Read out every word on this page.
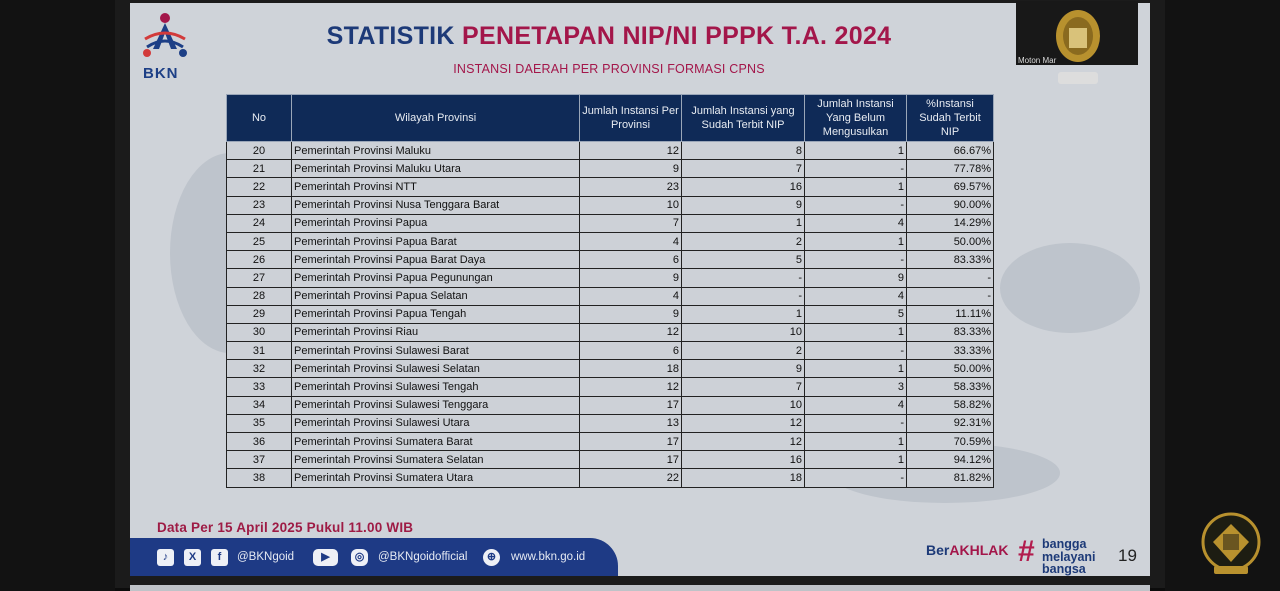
BKN
STATISTIK PENETAPAN NIP/NI PPPK T.A. 2024
INSTANSI DAERAH PER PROVINSI FORMASI CPNS
No	Wilayah Provinsi	Jumlah Instansi Per Provinsi	Jumlah Instansi yang Sudah Terbit NIP	Jumlah Instansi Yang Belum Mengusulkan	%Instansi Sudah Terbit NIP
20	Pemerintah Provinsi Maluku	12	8	1	66.67%
21	Pemerintah Provinsi Maluku Utara	9	7	-	77.78%
22	Pemerintah Provinsi NTT	23	16	1	69.57%
23	Pemerintah Provinsi Nusa Tenggara Barat	10	9	-	90.00%
24	Pemerintah Provinsi Papua	7	1	4	14.29%
25	Pemerintah Provinsi Papua Barat	4	2	1	50.00%
26	Pemerintah Provinsi Papua Barat Daya	6	5	-	83.33%
27	Pemerintah Provinsi Papua Pegunungan	9	-	9	-
28	Pemerintah Provinsi Papua Selatan	4	-	4	-
29	Pemerintah Provinsi Papua Tengah	9	1	5	11.11%
30	Pemerintah Provinsi Riau	12	10	1	83.33%
31	Pemerintah Provinsi Sulawesi Barat	6	2	-	33.33%
32	Pemerintah Provinsi Sulawesi Selatan	18	9	1	50.00%
33	Pemerintah Provinsi Sulawesi Tengah	12	7	3	58.33%
34	Pemerintah Provinsi Sulawesi Tenggara	17	10	4	58.82%
35	Pemerintah Provinsi Sulawesi Utara	13	12	-	92.31%
36	Pemerintah Provinsi Sumatera Barat	17	12	1	70.59%
37	Pemerintah Provinsi Sumatera Selatan	17	16	1	94.12%
38	Pemerintah Provinsi Sumatera Utara	22	18	-	81.82%
Data Per 15 April 2025 Pukul 11.00 WIB
♪	X	f	@BKNgoid	▶	◎	@BKNgoidofficial	⊕	www.bkn.go.id	BerAKHLAK # bangga
melayani
bangsa
19
Moton Mar
